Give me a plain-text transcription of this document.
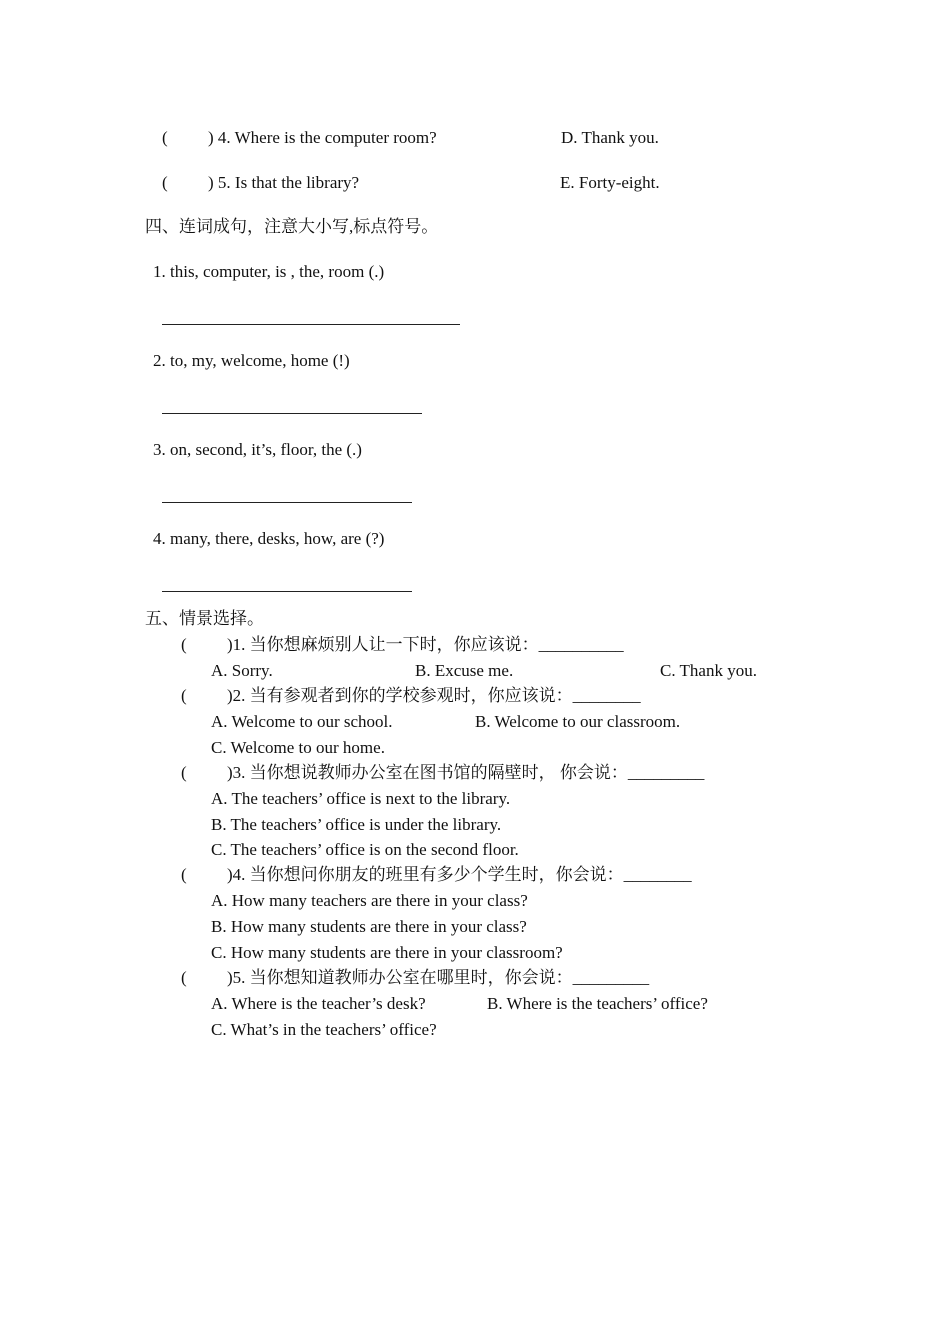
( ) 4. Where is the computer room?	D. Thank you.
( ) 5. Is that the library?	E. Forty-eight.
四、连词成句，注意大小写,标点符号。
1. this, computer, is , the, room (.)
2. to, my, welcome, home (!)
3. on, second, it’s, floor, the (.)
4. many, there, desks, how, are (?)
五、情景选择。
( )1. 当你想麻烦别人让一下时，你应该说：__________
A. Sorry.	B. Excuse me.	C. Thank you.
( )2. 当有参观者到你的学校参观时，你应该说：________
A. Welcome to our school.	B. Welcome to our classroom.
C. Welcome to our home.
( )3. 当你想说教师办公室在图书馆的隔壁时， 你会说：_________
A. The teachers’ office is next to the library.
B. The teachers’ office is under the library.
C. The teachers’ office is on the second floor.
( )4. 当你想问你朋友的班里有多少个学生时，你会说：________
A. How many teachers are there in your class?
B. How many students are there in your class?
C. How many students are there in your classroom?
( )5. 当你想知道教师办公室在哪里时，你会说：_________
A. Where is the teacher’s desk?	B. Where is the teachers’ office?
C. What’s in the teachers’ office?
